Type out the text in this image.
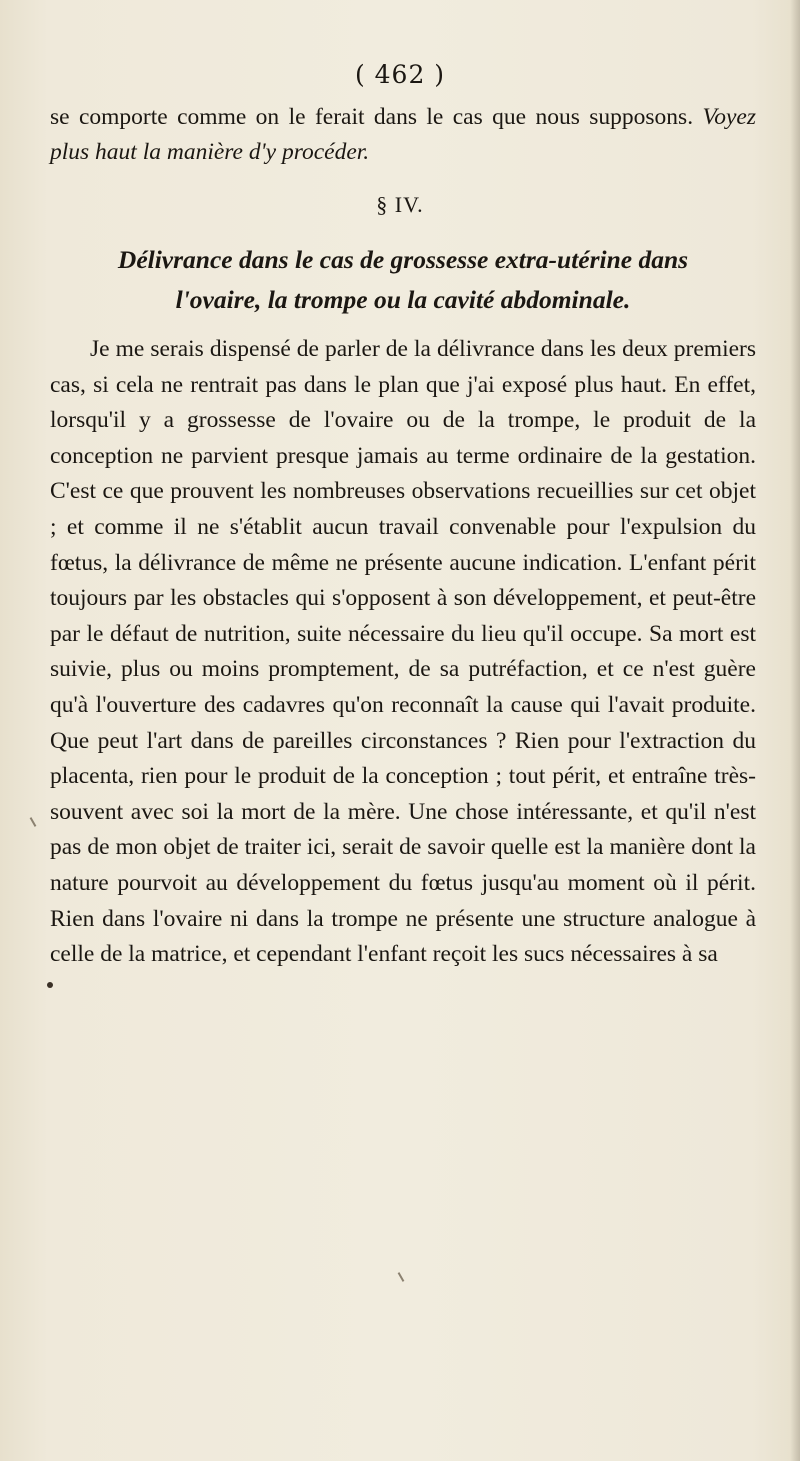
( 462 )

se comporte comme on le ferait dans le cas que nous supposons. Voyez plus haut la manière d'y procéder.

§ IV.
Délivrance dans le cas de grossesse extra-utérine dans
l'ovaire, la trompe ou la cavité abdominale.

Je me serais dispensé de parler de la délivrance dans les deux premiers cas, si cela ne rentrait pas dans le plan que j'ai exposé plus haut. En effet, lorsqu'il y a grossesse de l'ovaire ou de la trompe, le produit de la conception ne parvient presque jamais au terme ordinaire de la gestation. C'est ce que prouvent les nombreuses observations recueillies sur cet objet ; et comme il ne s'établit aucun travail convenable pour l'expulsion du fœtus, la délivrance de même ne présente aucune indication. L'enfant périt toujours par les obstacles qui s'opposent à son développement, et peut-être par le défaut de nutrition, suite nécessaire du lieu qu'il occupe. Sa mort est suivie, plus ou moins promptement, de sa putréfaction, et ce n'est guère qu'à l'ouverture des cadavres qu'on reconnaît la cause qui l'avait produite. Que peut l'art dans de pareilles circonstances ? Rien pour l'extraction du placenta, rien pour le produit de la conception ; tout périt, et entraîne très-souvent avec soi la mort de la mère. Une chose intéressante, et qu'il n'est pas de mon objet de traiter ici, serait de savoir quelle est la manière dont la nature pourvoit au développement du fœtus jusqu'au moment où il périt. Rien dans l'ovaire ni dans la trompe ne présente une structure analogue à celle de la matrice, et cependant l'enfant reçoit les sucs nécessaires à sa
